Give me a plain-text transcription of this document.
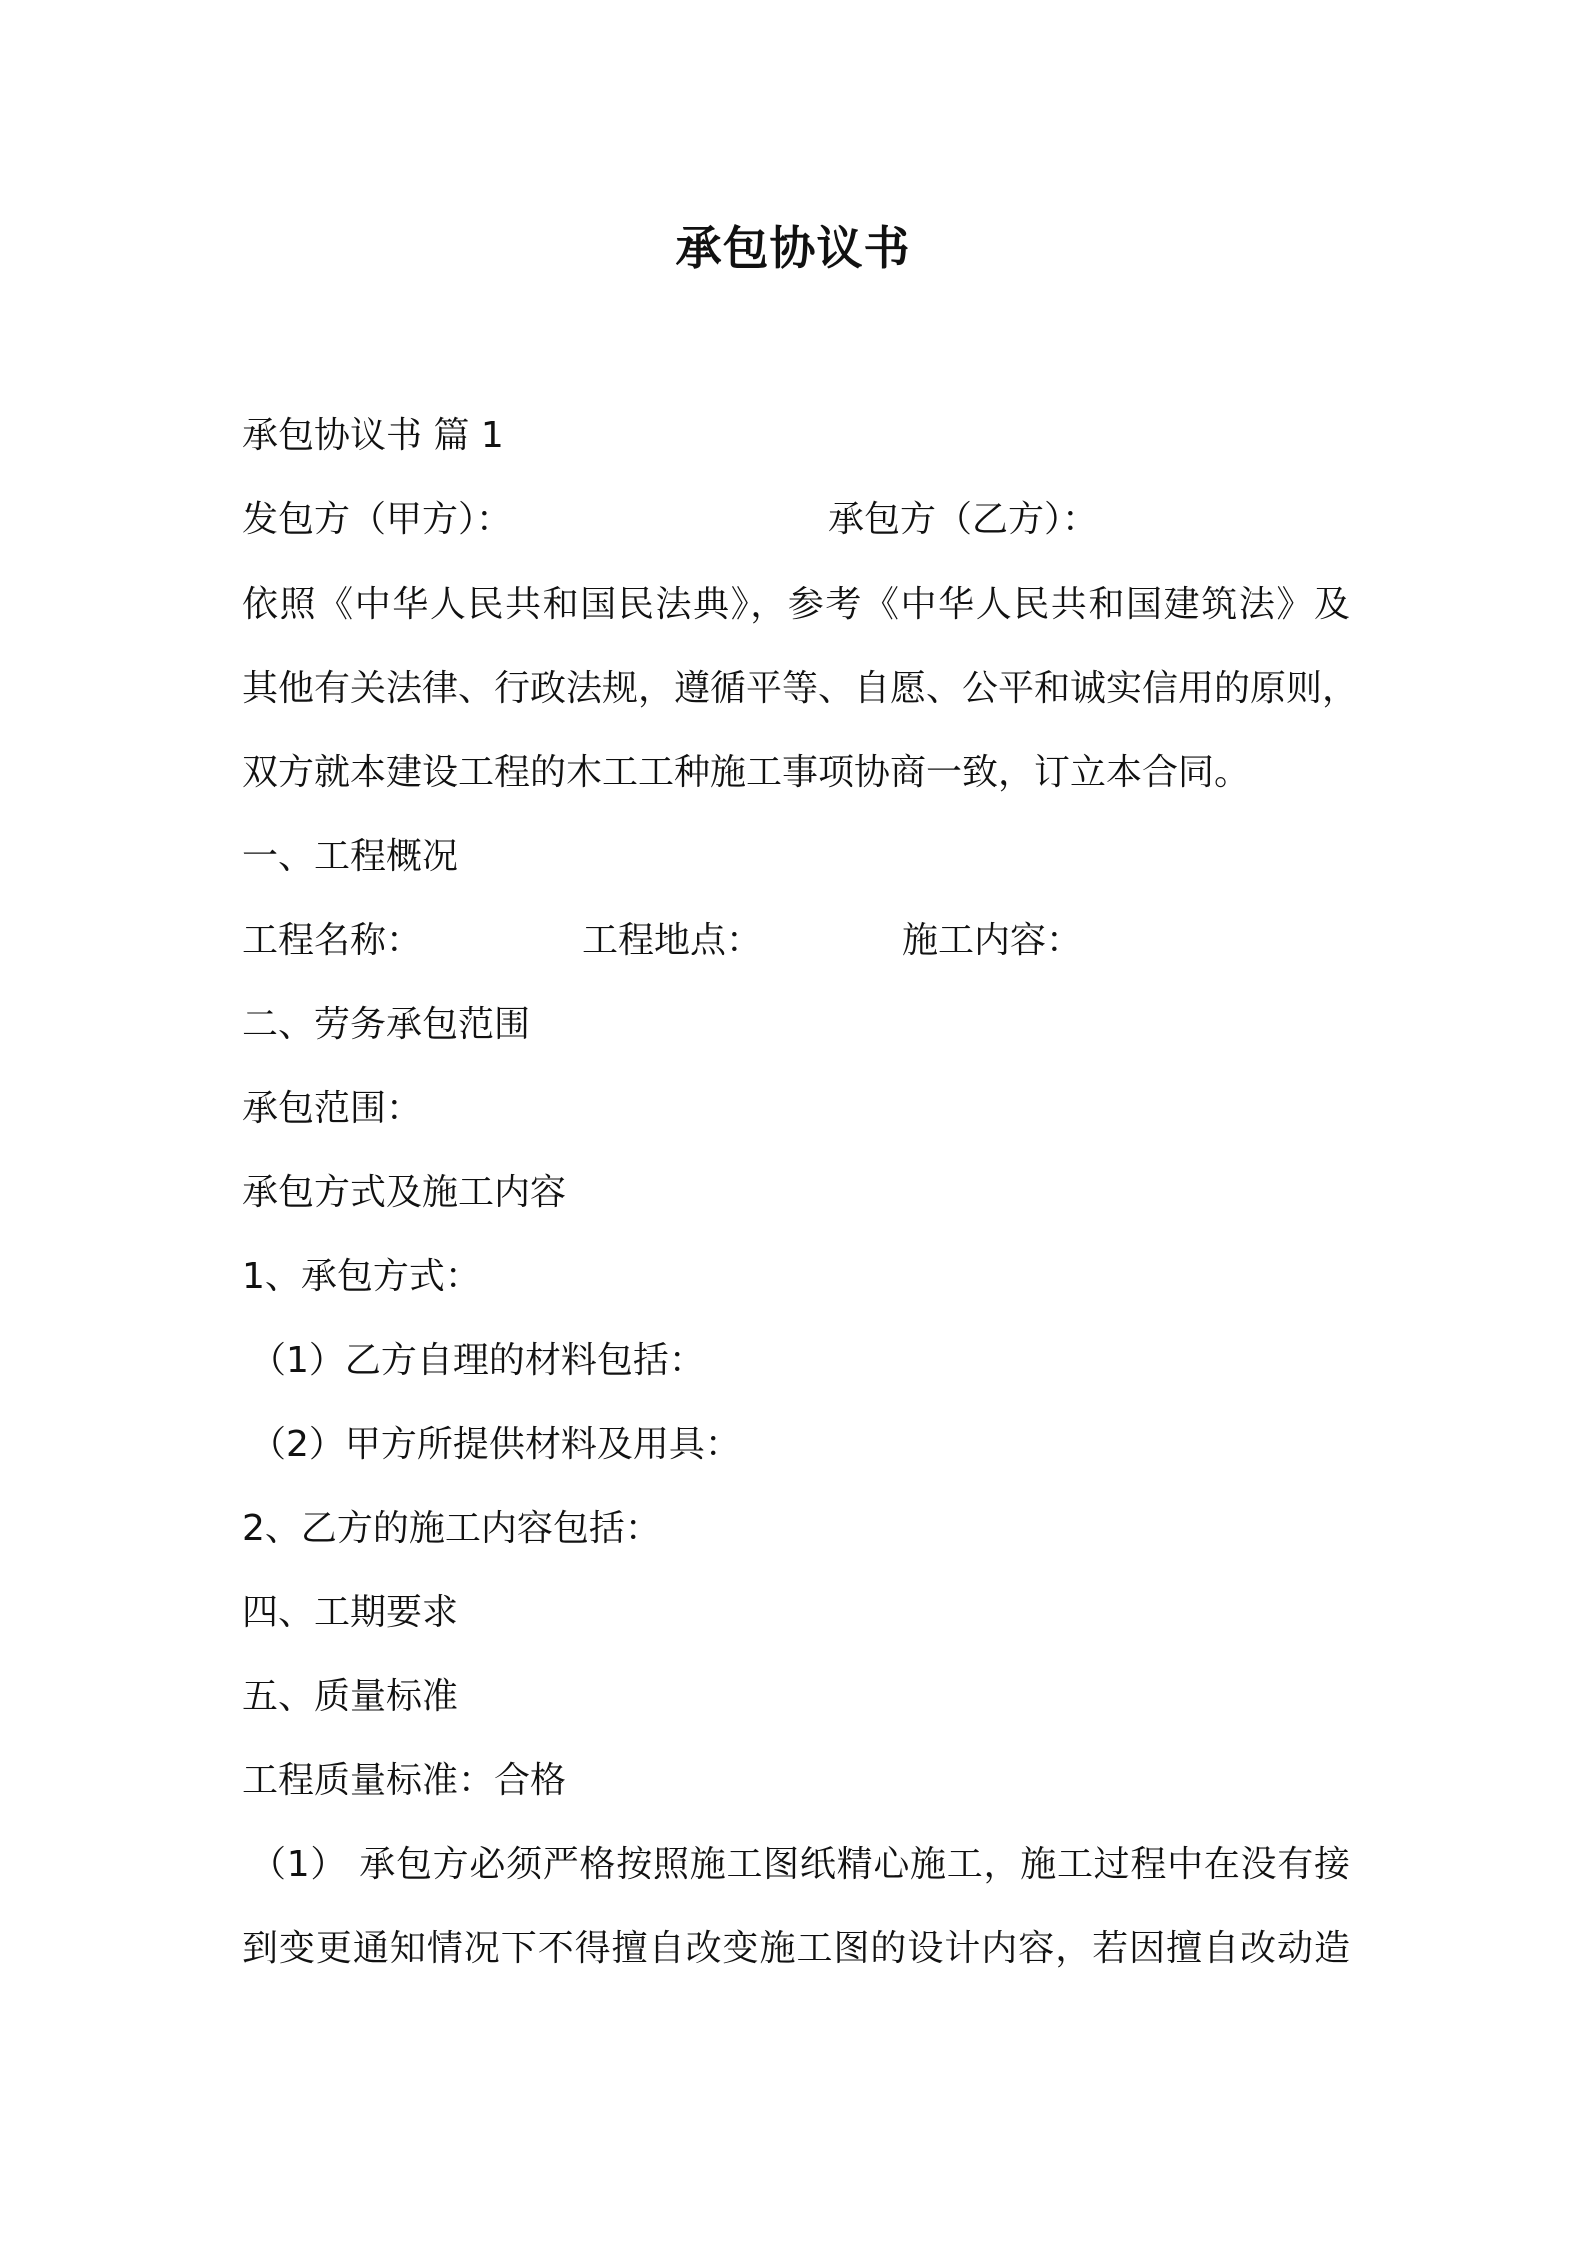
承包协议书
承包协议书 篇 1
发包方（甲方）：	承包方（乙方）：
依照《中华人民共和国民法典》，参考《中华人民共和国建筑法》及
其他有关法律、行政法规，遵循平等、自愿、公平和诚实信用的原则，
双方就本建设工程的木工工种施工事项协商一致，订立本合同。
一、工程概况
工程名称：	工程地点：	施工内容：
二、劳务承包范围
承包范围：
承包方式及施工内容
1、承包方式：
（1）乙方自理的材料包括：
（2）甲方所提供材料及用具：
2、乙方的施工内容包括：
四、工期要求
五、质量标准
工程质量标准：合格
（1） 承包方必须严格按照施工图纸精心施工，施工过程中在没有接
到变更通知情况下不得擅自改变施工图的设计内容，若因擅自改动造
